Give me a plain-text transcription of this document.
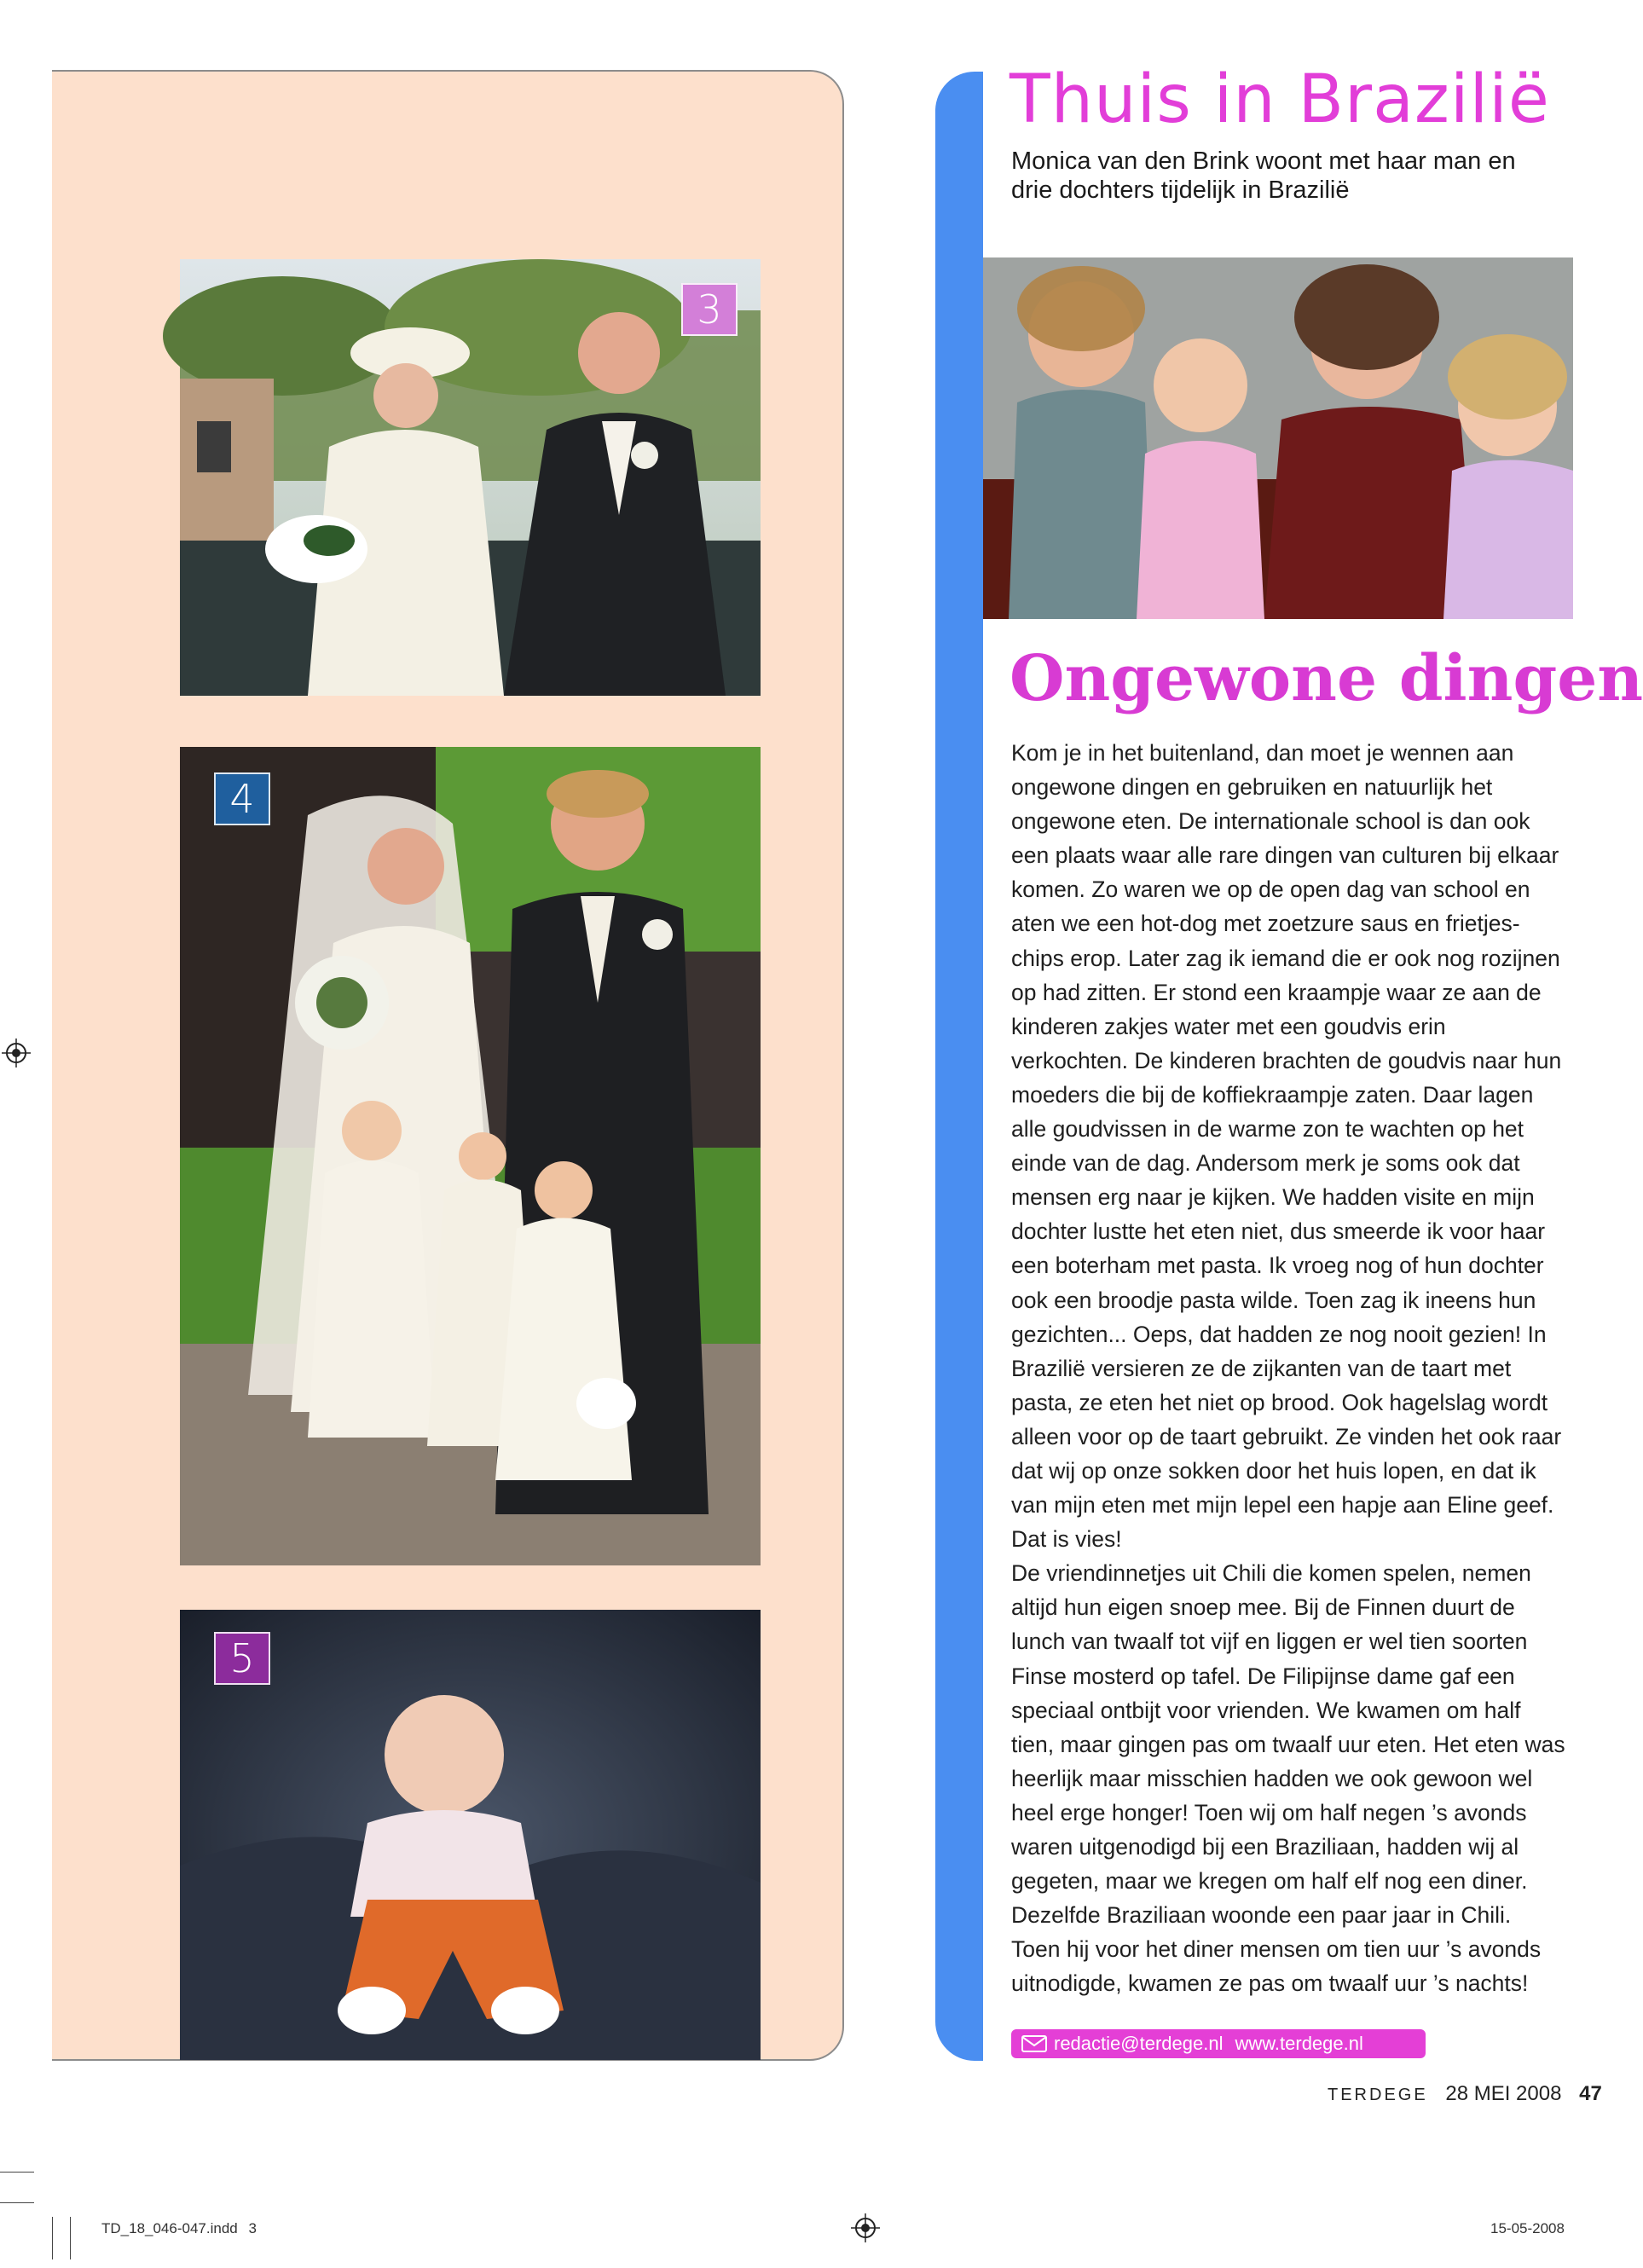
3
4
5
Thuis in Brazilië
Monica van den Brink woont met haar man en drie dochters tijdelijk in Brazilië
Ongewone dingen

Kom je in het buitenland, dan moet je wennen aan ongewone dingen en gebruiken en natuurlijk het ongewone eten. De internationale school is dan ook een plaats waar alle rare dingen van culturen bij elkaar komen. Zo waren we op de open dag van school en aten we een hot-dog met zoetzure saus en frietjes-chips erop. Later zag ik iemand die er ook nog rozijnen op had zitten. Er stond een kraampje waar ze aan de kinderen zakjes water met een goudvis erin verkochten. De kinderen brachten de goudvis naar hun moeders die bij de koffiekraampje zaten. Daar lagen alle goudvissen in de warme zon te wachten op het einde van de dag. Andersom merk je soms ook dat mensen erg naar je kijken. We hadden visite en mijn dochter lustte het eten niet, dus smeerde ik voor haar een boterham met pasta. Ik vroeg nog of hun dochter ook een broodje pasta wilde. Toen zag ik ineens hun gezichten... Oeps, dat hadden ze nog nooit gezien! In Brazilië versieren ze de zijkanten van de taart met pasta, ze eten het niet op brood. Ook hagelslag wordt alleen voor op de taart gebruikt. Ze vinden het ook raar dat wij op onze sokken door het huis lopen, en dat ik van mijn eten met mijn lepel een hapje aan Eline geef. Dat is vies!

De vriendinnetjes uit Chili die komen spelen, nemen altijd hun eigen snoep mee. Bij de Finnen duurt de lunch van twaalf tot vijf en liggen er wel tien soorten Finse mosterd op tafel. De Filipijnse dame gaf een speciaal ontbijt voor vrienden. We kwamen om half tien, maar gingen pas om twaalf uur eten. Het eten was heerlijk maar misschien hadden we ook gewoon wel heel erge honger! Toen wij om half negen ’s avonds waren uitgenodigd bij een Braziliaan, hadden wij al gegeten, maar we kregen om half elf nog een diner. Dezelfde Braziliaan woonde een paar jaar in Chili. Toen hij voor het diner mensen om tien uur ’s avonds uitnodigde, kwamen ze pas om twaalf uur ’s nachts!

redactie@terdege.nl www.terdege.nl
TERDEGE 28 MEI 2008 47
TD_18_046-047.indd 3	15-05-2008
